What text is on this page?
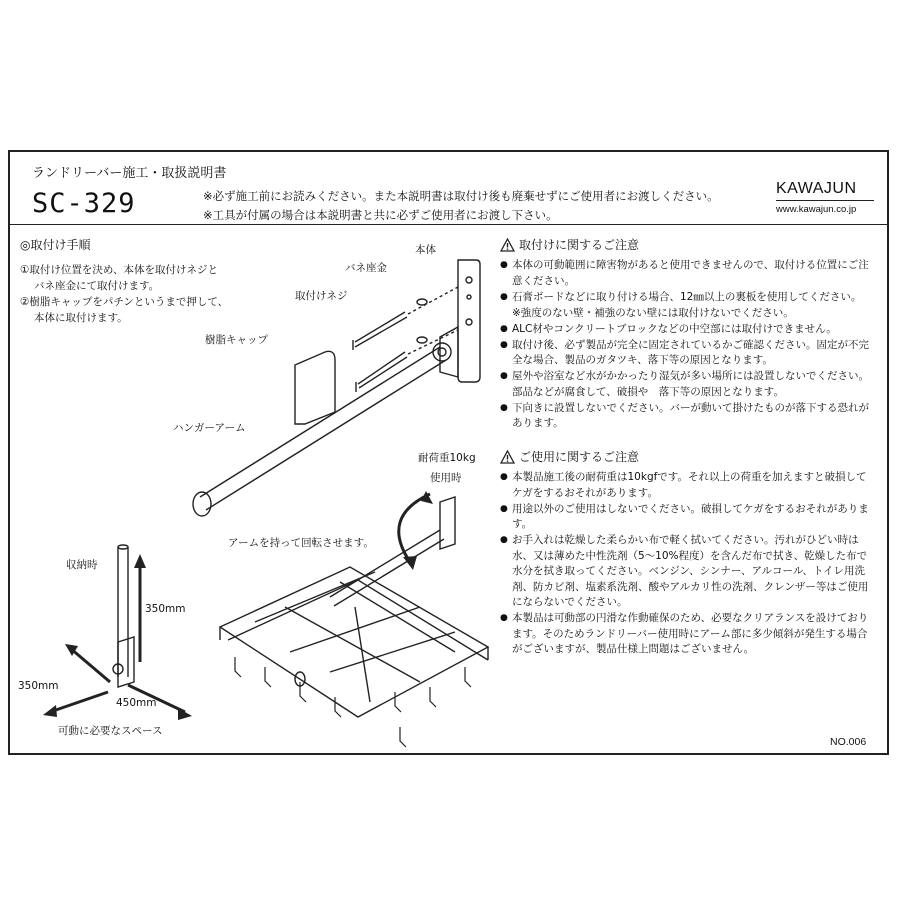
ランドリーバー施工・取扱説明書
SC-329	※必ず施工前にお読みください。また本説明書は取付け後も廃棄せずにご使用者にお渡しください。
※工具が付属の場合は本説明書と共に必ずご使用者にお渡し下さい。
KAWAJUN
www.kawajun.co.jp
◎取付け手順
①取付け位置を決め、本体を取付けネジと
バネ座金にて取付けます。
②樹脂キャップをパチンというまで押して、
本体に取付けます。
本体
バネ座金
取付けネジ
樹脂キャップ
ハンガーアーム
耐荷重10kg
使用時
アームを持って回転させます。
収納時
350mm
350mm
450mm
可動に必要なスペース
取付けに関するご注意
● 本体の可動範囲に障害物があると使用できませんので、取付ける位置にご注意ください。
● 石膏ボードなどに取り付ける場合、12㎜以上の裏板を使用してください。
※強度のない壁・補強のない壁には取付けないでください。
● ALC材やコンクリートブロックなどの中空部には取付けできません。
● 取付け後、必ず製品が完全に固定されているかご確認ください。固定が不完全な場合、製品のガタツキ、落下等の原因となります。
● 屋外や浴室など水がかかったり湿気が多い場所には設置しないでください。部品などが腐食して、破損や　落下等の原因となります。
● 下向きに設置しないでください。バーが動いて掛けたものが落下する恐れがあります。
ご使用に関するご注意
● 本製品施工後の耐荷重は10kgfです。それ以上の荷重を加えますと破損してケガをするおそれがあります。
● 用途以外のご使用はしないでください。破損してケガをするおそれがあります。
● お手入れは乾燥した柔らかい布で軽く拭いてください。汚れがひどい時は水、又は薄めた中性洗剤（5～10%程度）を含んだ布で拭き、乾燥した布で水分を拭き取ってください。ベンジン、シンナー、アルコール、トイレ用洗剤、防カビ剤、塩素系洗剤、酸やアルカリ性の洗剤、クレンザー等はご使用にならないでください。
● 本製品は可動部の円滑な作動確保のため、必要なクリアランスを設けております。そのためランドリーバー使用時にアーム部に多少傾斜が発生する場合がございますが、製品仕様上問題はございません。
NO.006
